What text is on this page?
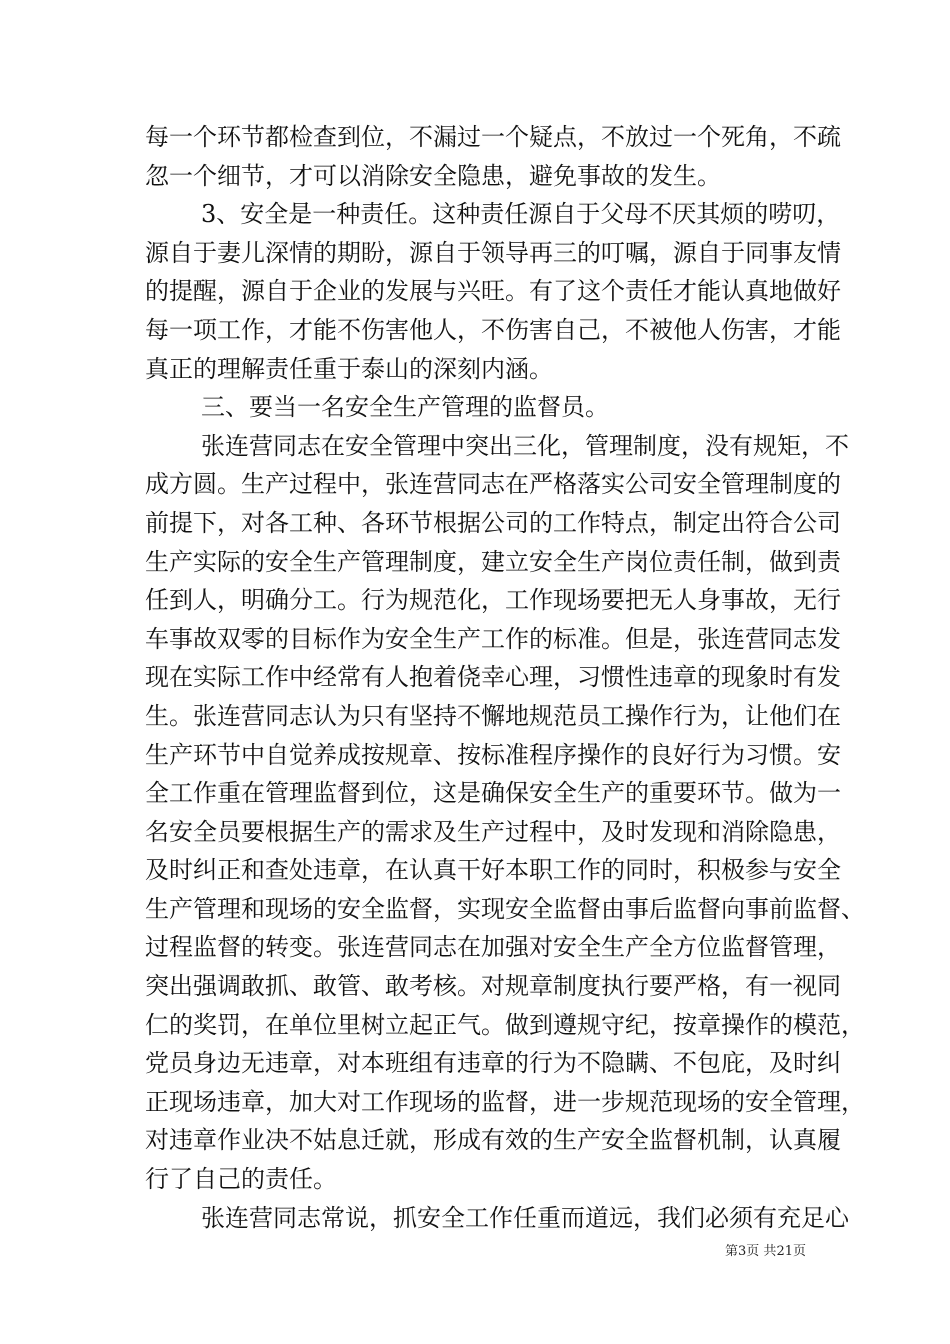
每一个环节都检查到位，不漏过一个疑点，不放过一个死角，不疏
忽一个细节，才可以消除安全隐患，避免事故的发生。
3、安全是一种责任。这种责任源自于父母不厌其烦的唠叨，
源自于妻儿深情的期盼，源自于领导再三的叮嘱，源自于同事友情
的提醒，源自于企业的发展与兴旺。有了这个责任才能认真地做好
每一项工作，才能不伤害他人，不伤害自己，不被他人伤害，才能
真正的理解责任重于泰山的深刻内涵。
三、要当一名安全生产管理的监督员。
张连营同志在安全管理中突出三化，管理制度，没有规矩，不
成方圆。生产过程中，张连营同志在严格落实公司安全管理制度的
前提下，对各工种、各环节根据公司的工作特点，制定出符合公司
生产实际的安全生产管理制度，建立安全生产岗位责任制，做到责
任到人，明确分工。行为规范化，工作现场要把无人身事故，无行
车事故双零的目标作为安全生产工作的标准。但是，张连营同志发
现在实际工作中经常有人抱着侥幸心理，习惯性违章的现象时有发
生。张连营同志认为只有坚持不懈地规范员工操作行为，让他们在
生产环节中自觉养成按规章、按标准程序操作的良好行为习惯。安
全工作重在管理监督到位，这是确保安全生产的重要环节。做为一
名安全员要根据生产的需求及生产过程中，及时发现和消除隐患，
及时纠正和查处违章，在认真干好本职工作的同时，积极参与安全
生产管理和现场的安全监督，实现安全监督由事后监督向事前监督、
过程监督的转变。张连营同志在加强对安全生产全方位监督管理，
突出强调敢抓、敢管、敢考核。对规章制度执行要严格，有一视同
仁的奖罚，在单位里树立起正气。做到遵规守纪，按章操作的模范，
党员身边无违章，对本班组有违章的行为不隐瞒、不包庇，及时纠
正现场违章，加大对工作现场的监督，进一步规范现场的安全管理，
对违章作业决不姑息迁就，形成有效的生产安全监督机制，认真履
行了自己的责任。
张连营同志常说，抓安全工作任重而道远，我们必须有充足心
第3页 共21页
